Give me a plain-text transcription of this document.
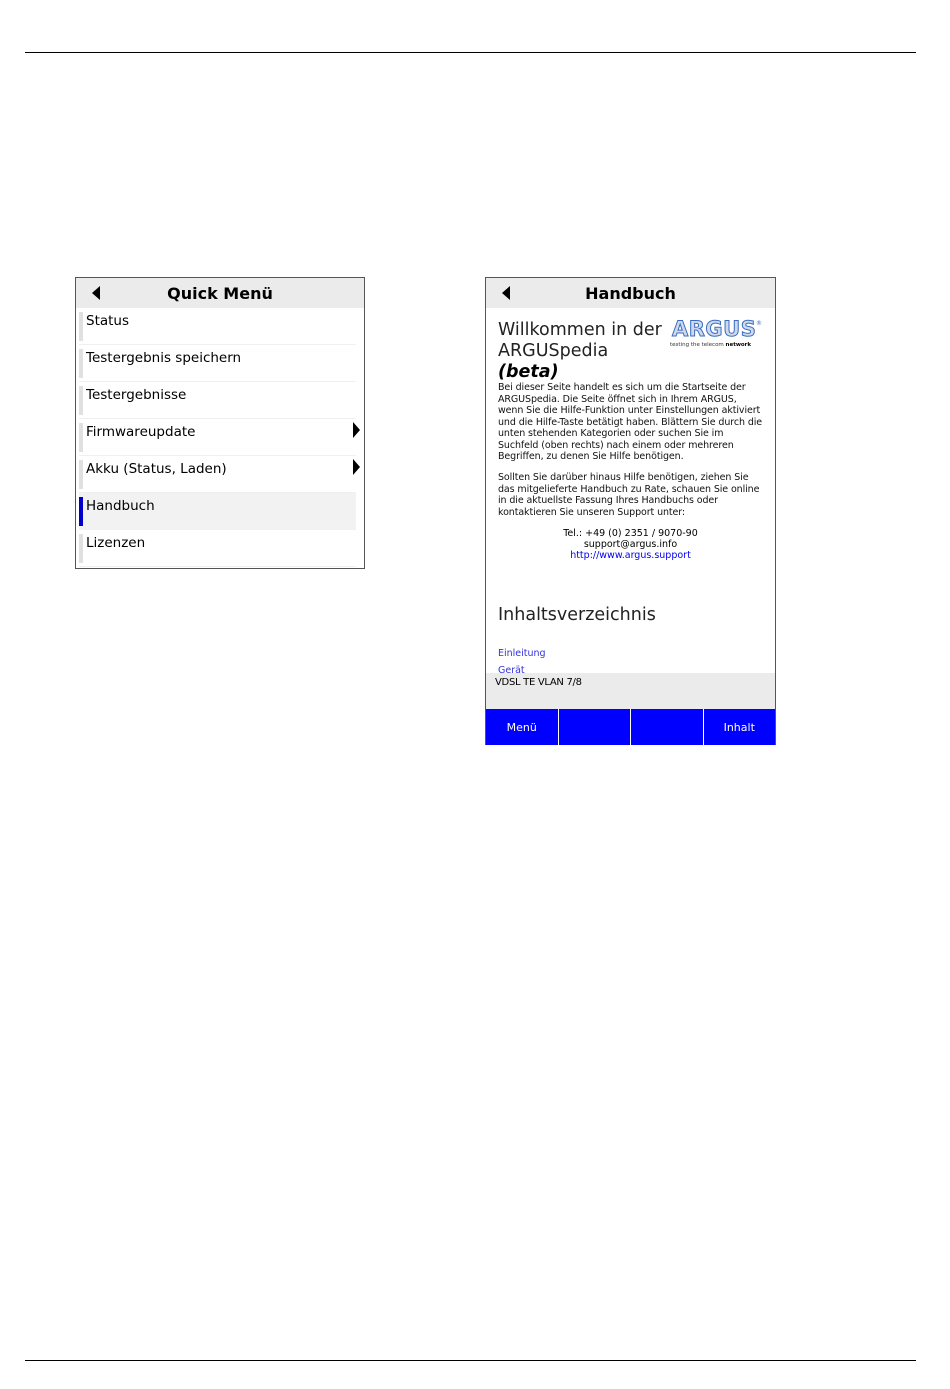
Quick Menü
Status
Testergebnis speichern
Testergebnisse
Firmwareupdate
Akku (Status, Laden)
Handbuch
Lizenzen
Handbuch
Willkommen in der
ARGUSpedia (beta)
ARGUS ®
testing the telecom network
Bei dieser Seite handelt es sich um die Startseite der ARGUSpedia. Die Seite öffnet sich in Ihrem ARGUS, wenn Sie die Hilfe-Funktion unter Einstellungen aktiviert und die Hilfe-Taste betätigt haben. Blättern Sie durch die unten stehenden Kategorien oder suchen Sie im Suchfeld (oben rechts) nach einem oder mehreren Begriffen, zu denen Sie Hilfe benötigen.
Sollten Sie darüber hinaus Hilfe benötigen, ziehen Sie das mitgelieferte Handbuch zu Rate, schauen Sie online in die aktuellste Fassung Ihres Handbuchs oder kontaktieren Sie unseren Support unter:
Tel.: +49 (0) 2351 / 9070-90
support@argus.info
http://www.argus.support
Inhaltsverzeichnis
Einleitung
Gerät
VDSL TE VLAN 7/8
Menü	Inhalt
